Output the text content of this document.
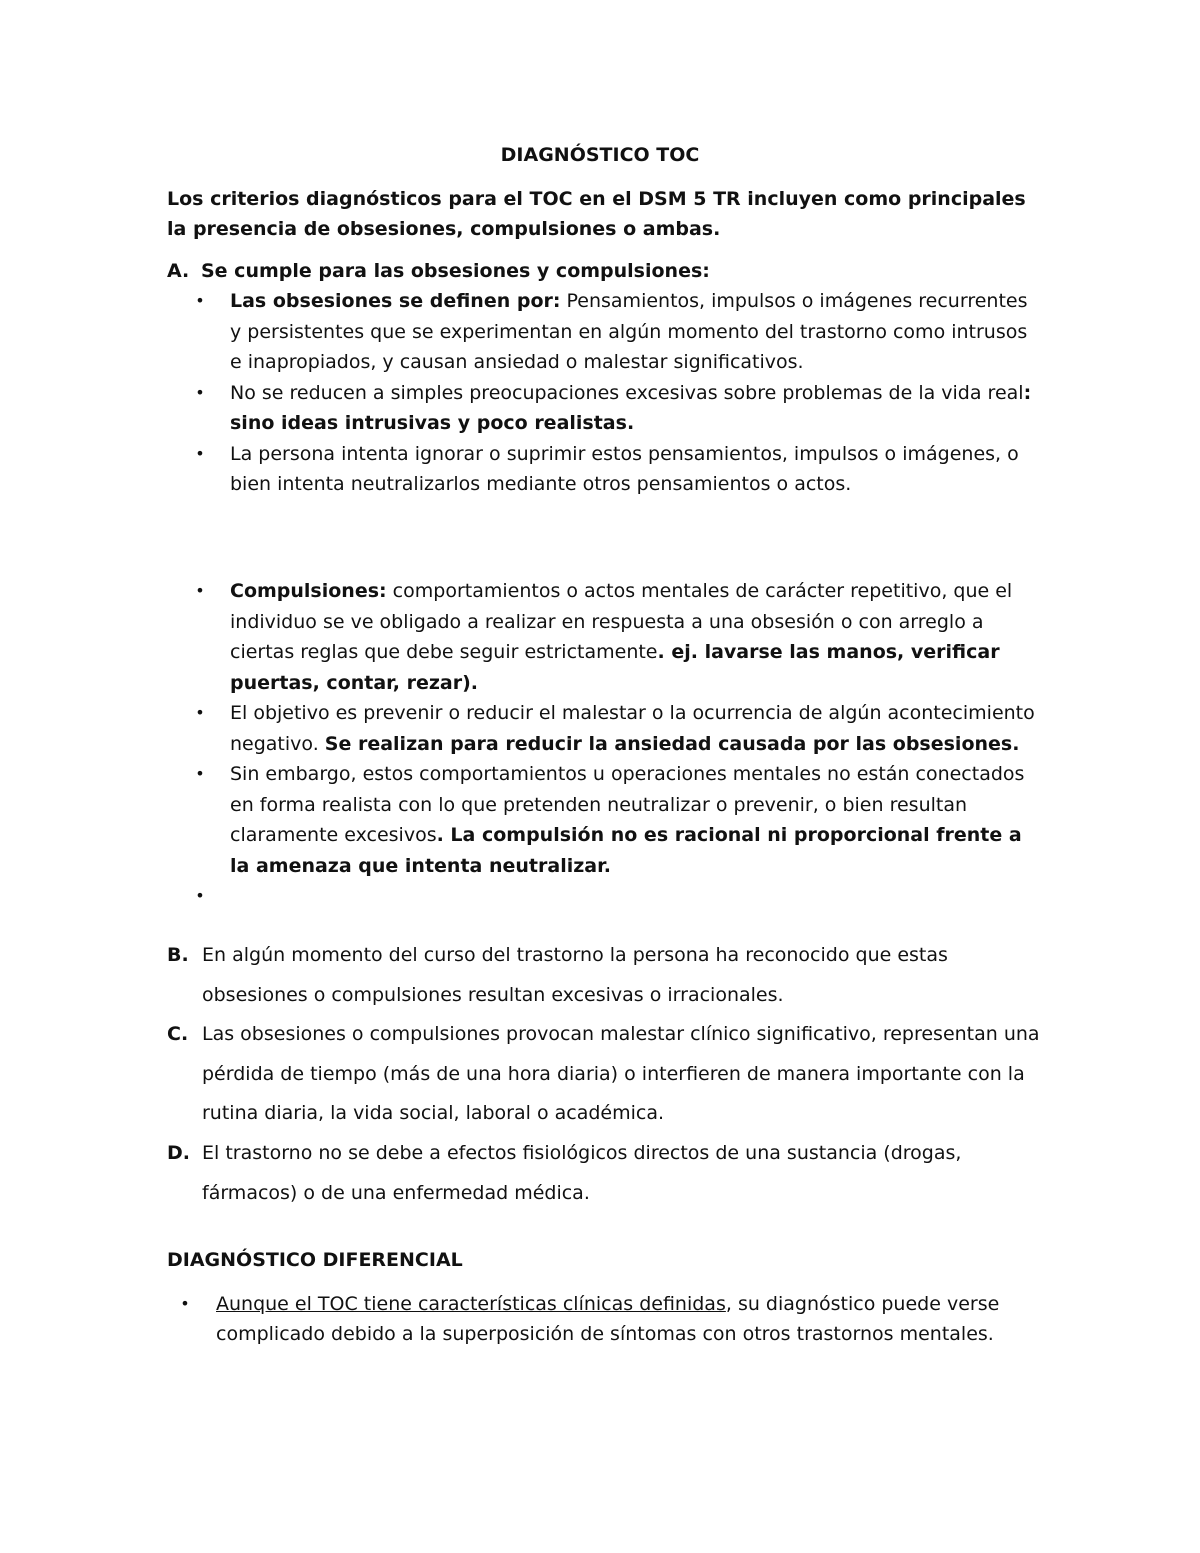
DIAGNÓSTICO TOC
Los criterios diagnósticos para el TOC en el DSM 5 TR incluyen como principales la presencia de obsesiones, compulsiones o ambas.
A. Se cumple para las obsesiones y compulsiones:

• Las obsesiones se definen por: Pensamientos, impulsos o imágenes recurrentes y persistentes que se experimentan en algún momento del trastorno como intrusos e inapropiados, y causan ansiedad o malestar significativos.

• No se reducen a simples preocupaciones excesivas sobre problemas de la vida real: sino ideas intrusivas y poco realistas.

• La persona intenta ignorar o suprimir estos pensamientos, impulsos o imágenes, o bien intenta neutralizarlos mediante otros pensamientos o actos.

• Compulsiones: comportamientos o actos mentales de carácter repetitivo, que el individuo se ve obligado a realizar en respuesta a una obsesión o con arreglo a ciertas reglas que debe seguir estrictamente. ej. lavarse las manos, verificar puertas, contar, rezar).

• El objetivo es prevenir o reducir el malestar o la ocurrencia de algún acontecimiento negativo. Se realizan para reducir la ansiedad causada por las obsesiones.

• Sin embargo, estos comportamientos u operaciones mentales no están conectados en forma realista con lo que pretenden neutralizar o prevenir, o bien resultan claramente excesivos. La compulsión no es racional ni proporcional frente a la amenaza que intenta neutralizar.

•

B. En algún momento del curso del trastorno la persona ha reconocido que estas obsesiones o compulsiones resultan excesivas o irracionales.
C. Las obsesiones o compulsiones provocan malestar clínico significativo, representan una pérdida de tiempo (más de una hora diaria) o interfieren de manera importante con la rutina diaria, la vida social, laboral o académica.
D. El trastorno no se debe a efectos fisiológicos directos de una sustancia (drogas, fármacos) o de una enfermedad médica.
DIAGNÓSTICO DIFERENCIAL

• Aunque el TOC tiene características clínicas definidas, su diagnóstico puede verse complicado debido a la superposición de síntomas con otros trastornos mentales.
